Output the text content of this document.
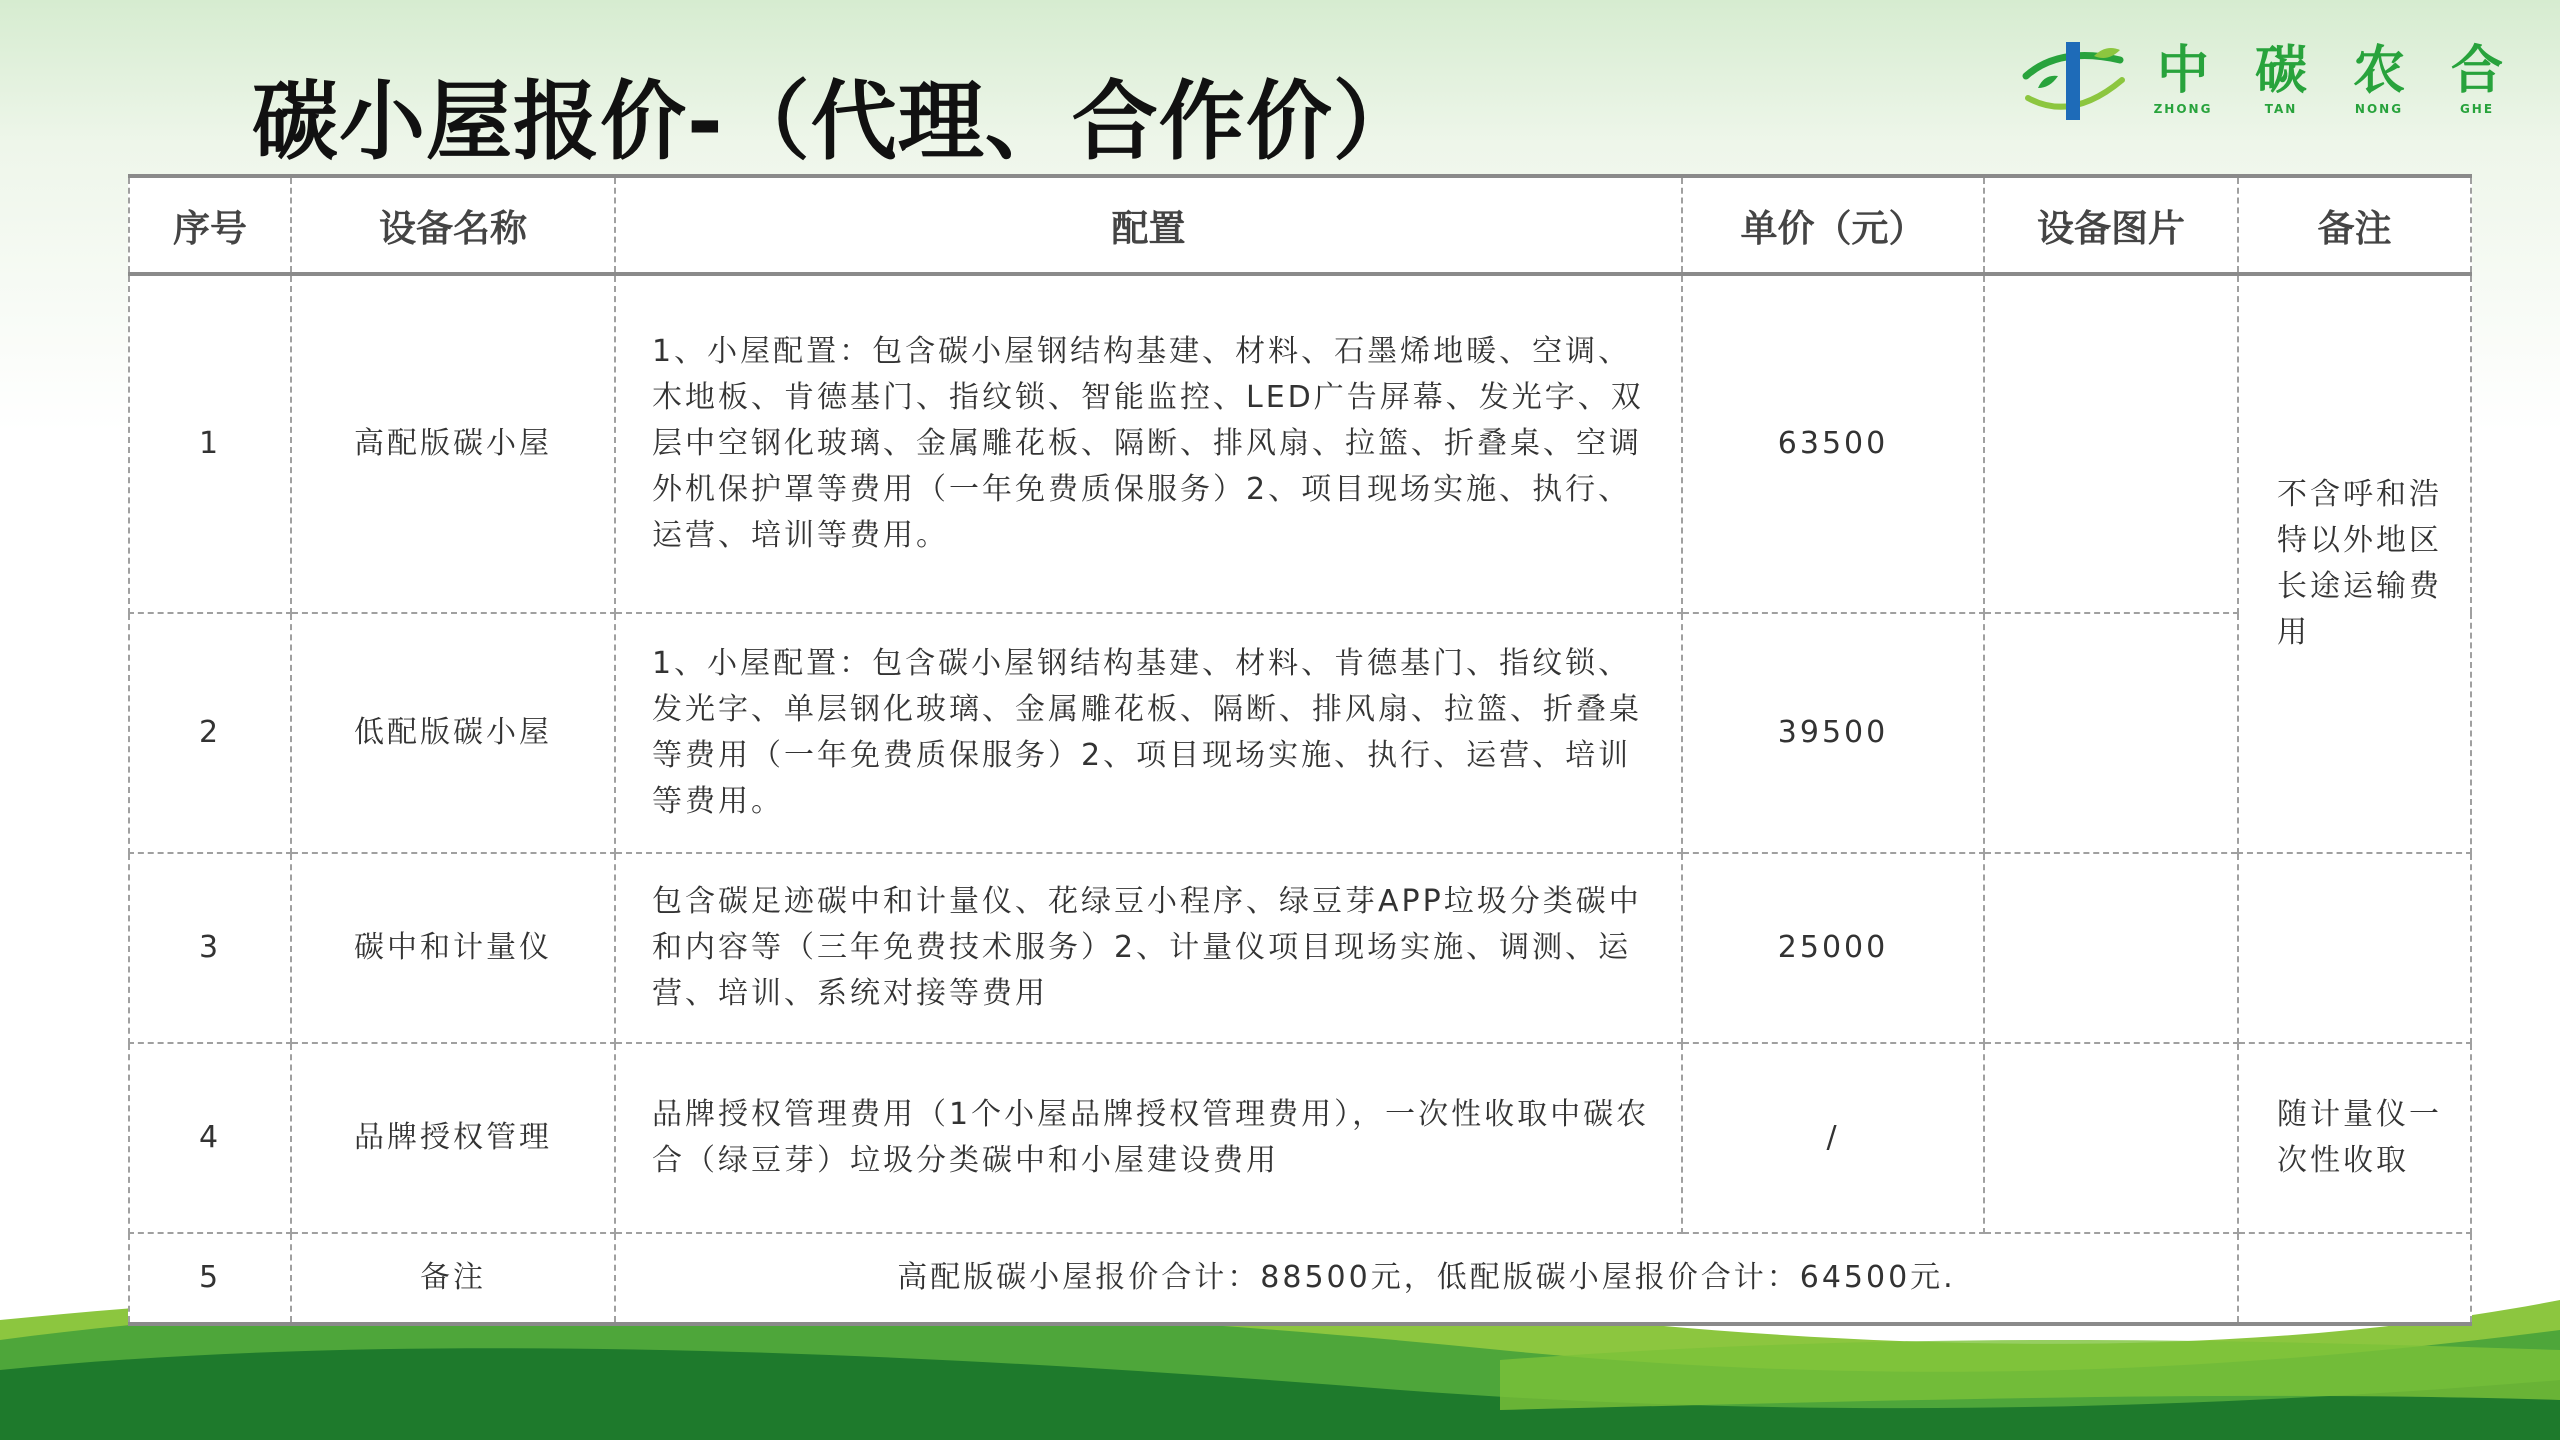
碳小屋报价-（代理、合作价）
中 碳 农 合
ZHONG	TAN	NONG	GHE
序号	设备名称	配置	单价（元）	设备图片	备注
1	高配版碳小屋	1、小屋配置：包含碳小屋钢结构基建、材料、石墨烯地暖、空调、木地板、肯德基门、指纹锁、智能监控、LED广告屏幕、发光字、双层中空钢化玻璃、金属雕花板、隔断、排风扇、拉篮、折叠桌、空调外机保护罩等费用（一年免费质保服务）2、项目现场实施、执行、运营、培训等费用。	63500		不含呼和浩特以外地区长途运输费用
2	低配版碳小屋	1、小屋配置：包含碳小屋钢结构基建、材料、肯德基门、指纹锁、发光字、单层钢化玻璃、金属雕花板、隔断、排风扇、拉篮、折叠桌等费用（一年免费质保服务）2、项目现场实施、执行、运营、培训等费用。	39500		
3	碳中和计量仪	包含碳足迹碳中和计量仪、花绿豆小程序、绿豆芽APP垃圾分类碳中和内容等（三年免费技术服务）2、计量仪项目现场实施、调测、运营、培训、系统对接等费用	25000		
4	品牌授权管理	品牌授权管理费用（1个小屋品牌授权管理费用），一次性收取中碳农合（绿豆芽）垃圾分类碳中和小屋建设费用	/		随计量仪一次性收取
5	备注	高配版碳小屋报价合计：88500元，低配版碳小屋报价合计：64500元.			
